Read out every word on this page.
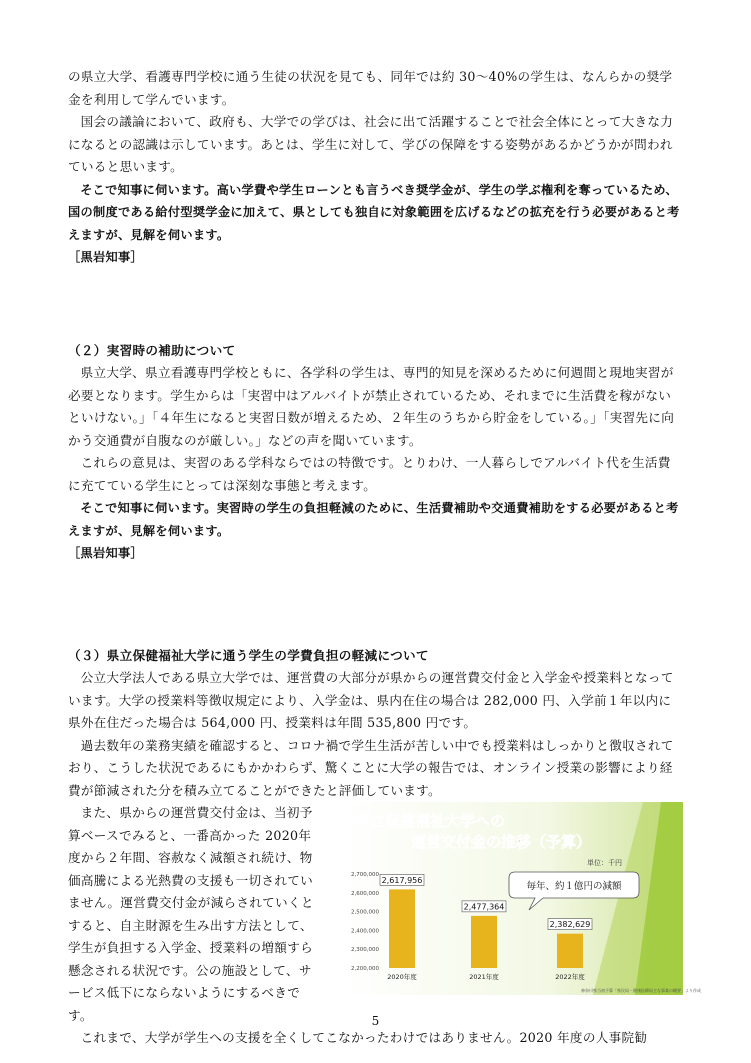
の県立大学、看護専門学校に通う生徒の状況を見ても、同年では約 30～40%の学生は、なんらかの奨学金を利用して学んでいます。

国会の議論において、政府も、大学での学びは、社会に出て活躍することで社会全体にとって大きな力になるとの認識は示しています。あとは、学生に対して、学びの保障をする姿勢があるかどうかが問われていると思います。

そこで知事に伺います。高い学費や学生ローンとも言うべき奨学金が、学生の学ぶ権利を奪っているため、国の制度である給付型奨学金に加えて、県としても独自に対象範囲を広げるなどの拡充を行う必要があると考えますが、見解を伺います。

［黒岩知事］

（２）実習時の補助について

県立大学、県立看護専門学校ともに、各学科の学生は、専門的知見を深めるために何週間と現地実習が必要となります。学生からは「実習中はアルバイトが禁止されているため、それまでに生活費を稼がないといけない。」「４年生になると実習日数が増えるため、２年生のうちから貯金をしている。」「実習先に向かう交通費が自腹なのが厳しい。」などの声を聞いています。

これらの意見は、実習のある学科ならではの特徴です。とりわけ、一人暮らしでアルバイト代を生活費に充てている学生にとっては深刻な事態と考えます。

そこで知事に伺います。実習時の学生の負担軽減のために、生活費補助や交通費補助をする必要があると考えますが、見解を伺います。

［黒岩知事］

（３）県立保健福祉大学に通う学生の学費負担の軽減について

公立大学法人である県立大学では、運営費の大部分が県からの運営費交付金と入学金や授業料となっています。大学の授業料等徴収規定により、入学金は、県内在住の場合は 282,000 円、入学前１年以内に県外在住だった場合は 564,000 円、授業料は年間 535,800 円です。

過去数年の業務実績を確認すると、コロナ禍で学生生活が苦しい中でも授業料はしっかりと徴収されており、こうした状況であるにもかかわらず、驚くことに大学の報告では、オンライン授業の影響により経費が節減された分を積み立てることができたと評価しています。

また、県からの運営費交付金は、当初予算ベースでみると、一番高かった 2020年度から２年間、容赦なく減額され続け、物価高騰による光熱費の支援も一切されていません。運営費交付金が減らされていくとすると、自主財源を生み出す方法として、学生が負担する入学金、授業料の増額すら懸念される状況です。公の施設として、サービス低下にならないようにするべきです。

県立保健福祉大学への
運営交付金の推移（予算）
単位：千円
2,700,000
2,600,000
2,500,000
2,400,000
2,300,000
2,200,000
2,617,956
2,477,364
2,382,629
2020年度	2021年度	2022年度
毎年、約１億円の減額
神奈川県当初予算「県民局・健康医療局主な事業の概要」より作成

これまで、大学が学生への支援を全くしてこなかったわけではありません。2020 年度の人事院勧

5
